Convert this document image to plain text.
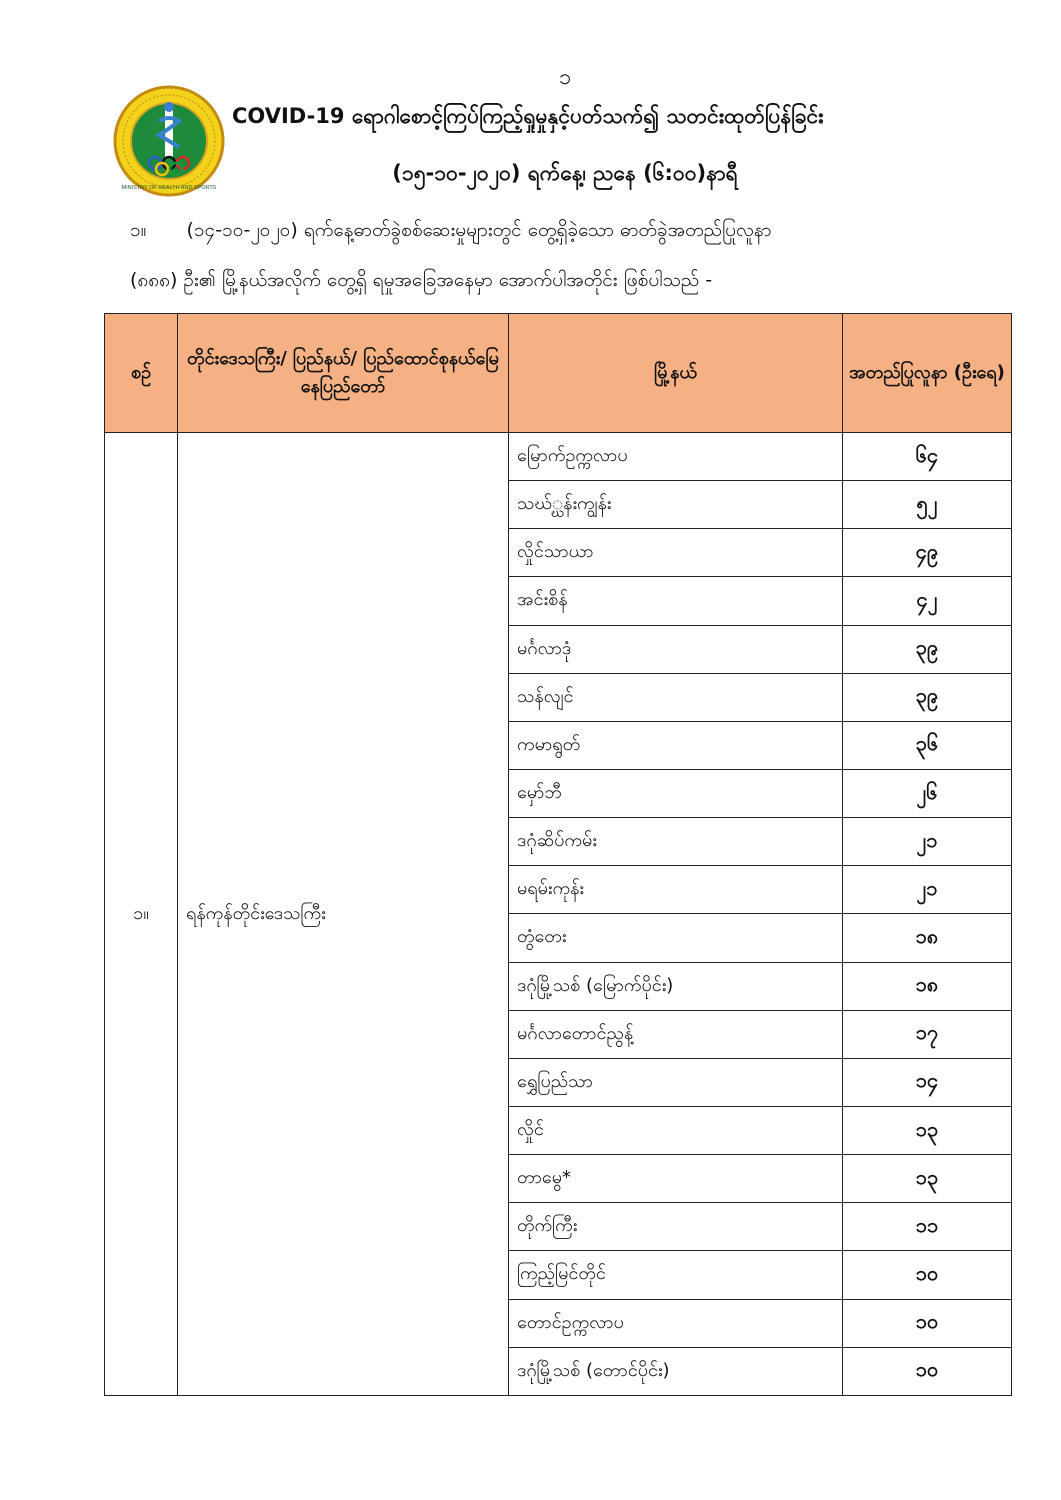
၁
MINISTRY OF HEALTH AND SPORTS
COVID-19 ရောဂါစောင့်ကြပ်ကြည့်ရှုမှုနှင့်ပတ်သက်၍ သတင်းထုတ်ပြန်ခြင်း
(၁၅-၁၀-၂၀၂၀) ရက်နေ့၊ ညနေ (၆:၀၀)နာရီ
၁။ (၁၄-၁၀-၂၀၂၀) ရက်နေ့ဓာတ်ခွဲစစ်ဆေးမှုများတွင် တွေ့ရှိခဲ့သော ဓာတ်ခွဲအတည်ပြုလူနာ
(၈၈၈) ဦး၏ မြို့နယ်အလိုက် တွေ့ရှိ ရမှုအခြေအနေမှာ အောက်ပါအတိုင်း ဖြစ်ပါသည် -
စဉ်	တိုင်းဒေသကြီး/ ပြည်နယ်/ ပြည်ထောင်စုနယ်မြေ နေပြည်တော်	မြို့နယ်	အတည်ပြုလူနာ (ဦးရေ)
၁။	ရန်ကုန်တိုင်းဒေသကြီး	မြောက်ဥက္ကလာပ	၆၄
		သဃ်္ဃန်းကျွန်း	၅၂
		လှိုင်သာယာ	၄၉
		အင်းစိန်	၄၂
		မင်္ဂလာဒုံ	၃၉
		သန်လျင်	၃၉
		ကမာရွတ်	၃၆
		မှော်ဘီ	၂၆
		ဒဂုံဆိပ်ကမ်း	၂၁
		မရမ်းကုန်း	၂၁
		တွံတေး	၁၈
		ဒဂုံမြို့သစ် (မြောက်ပိုင်း)	၁၈
		မင်္ဂလာတောင်ညွန့်	၁၇
		ရွှေပြည်သာ	၁၄
		လှိုင်	၁၃
		တာမွေ*	၁၃
		တိုက်ကြီး	၁၁
		ကြည့်မြင်တိုင်	၁၀
		တောင်ဥက္ကလာပ	၁၀
		ဒဂုံမြို့သစ် (တောင်ပိုင်း)	၁၀
